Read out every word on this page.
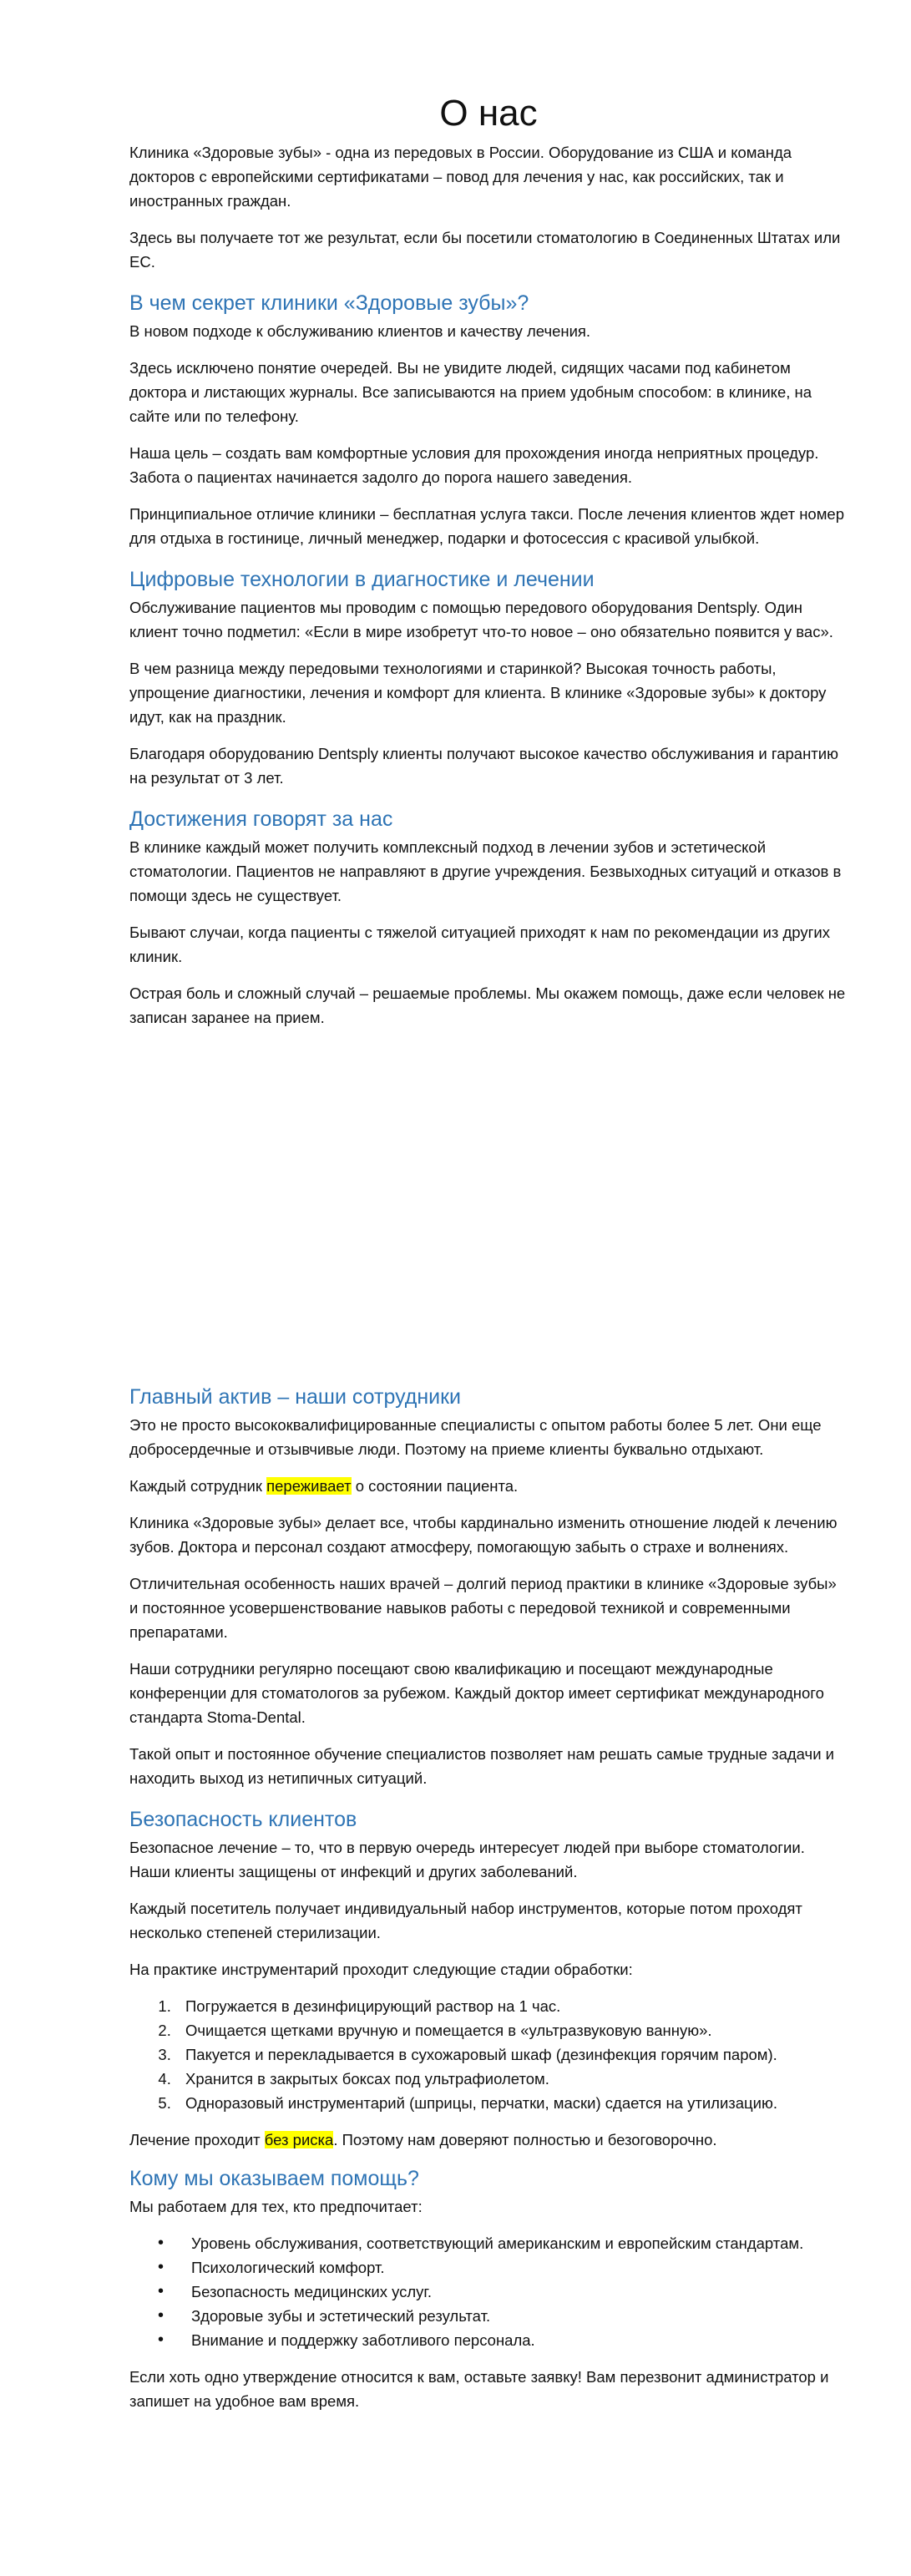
О нас

Клиника «Здоровые зубы» - одна из передовых в России. Оборудование из США и команда докторов с европейскими сертификатами – повод для лечения у нас, как российских, так и иностранных граждан.

Здесь вы получаете тот же результат, если бы посетили стоматологию в Соединенных Штатах или ЕС.

В чем секрет клиники «Здоровые зубы»?

В новом подходе к обслуживанию клиентов и качеству лечения.

Здесь исключено понятие очередей. Вы не увидите людей, сидящих часами под кабинетом доктора и листающих журналы. Все записываются на прием удобным способом: в клинике, на сайте или по телефону.

Наша цель – создать вам комфортные условия для прохождения иногда неприятных процедур. Забота о пациентах начинается задолго до порога нашего заведения.

Принципиальное отличие клиники – бесплатная услуга такси. После лечения клиентов ждет номер для отдыха в гостинице, личный менеджер, подарки и фотосессия с красивой улыбкой.

Цифровые технологии в диагностике и лечении

Обслуживание пациентов мы проводим с помощью передового оборудования Dentsply. Один клиент точно подметил: «Если в мире изобретут что-то новое – оно обязательно появится у вас».

В чем разница между передовыми технологиями и старинкой? Высокая точность работы, упрощение диагностики, лечения и комфорт для клиента. В клинике «Здоровые зубы» к доктору идут, как на праздник.

Благодаря оборудованию Dentsply клиенты получают высокое качество обслуживания и гарантию на результат от 3 лет.

Достижения говорят за нас

В клинике каждый может получить комплексный подход в лечении зубов и эстетической стоматологии. Пациентов не направляют в другие учреждения. Безвыходных ситуаций и отказов в помощи здесь не существует.

Бывают случаи, когда пациенты с тяжелой ситуацией приходят к нам по рекомендации из других клиник.

Острая боль и сложный случай – решаемые проблемы. Мы окажем помощь, даже если человек не записан заранее на прием.

Главный актив – наши сотрудники

Это не просто высококвалифицированные специалисты с опытом работы более 5 лет. Они еще добросердечные и отзывчивые люди. Поэтому на приеме клиенты буквально отдыхают.

Каждый сотрудник переживает о состоянии пациента.

Клиника «Здоровые зубы» делает все, чтобы кардинально изменить отношение людей к лечению зубов. Доктора и персонал создают атмосферу, помогающую забыть о страхе и волнениях.

Отличительная особенность наших врачей – долгий период практики в клинике «Здоровые зубы» и постоянное усовершенствование навыков работы с передовой техникой и современными препаратами.

Наши сотрудники регулярно посещают свою квалификацию и посещают международные конференции для стоматологов за рубежом. Каждый доктор имеет сертификат международного стандарта Stoma-Dental.

Такой опыт и постоянное обучение специалистов позволяет нам решать самые трудные задачи и находить выход из нетипичных ситуаций.

Безопасность клиентов

Безопасное лечение – то, что в первую очередь интересует людей при выборе стоматологии. Наши клиенты защищены от инфекций и других заболеваний.

Каждый посетитель получает индивидуальный набор инструментов, которые потом проходят несколько степеней стерилизации.

На практике инструментарий проходит следующие стадии обработки:

1. Погружается в дезинфицирующий раствор на 1 час.
2. Очищается щетками вручную и помещается в «ультразвуковую ванную».
3. Пакуется и перекладывается в сухожаровый шкаф (дезинфекция горячим паром).
4. Хранится в закрытых боксах под ультрафиолетом.
5. Одноразовый инструментарий (шприцы, перчатки, маски) сдается на утилизацию.

Лечение проходит без риска. Поэтому нам доверяют полностью и безоговорочно.

Кому мы оказываем помощь?

Мы работаем для тех, кто предпочитает:

• Уровень обслуживания, соответствующий американским и европейским стандартам.
• Психологический комфорт.
• Безопасность медицинских услуг.
• Здоровые зубы и эстетический результат.
• Внимание и поддержку заботливого персонала.

Если хоть одно утверждение относится к вам, оставьте заявку! Вам перезвонит администратор и запишет на удобное вам время.
